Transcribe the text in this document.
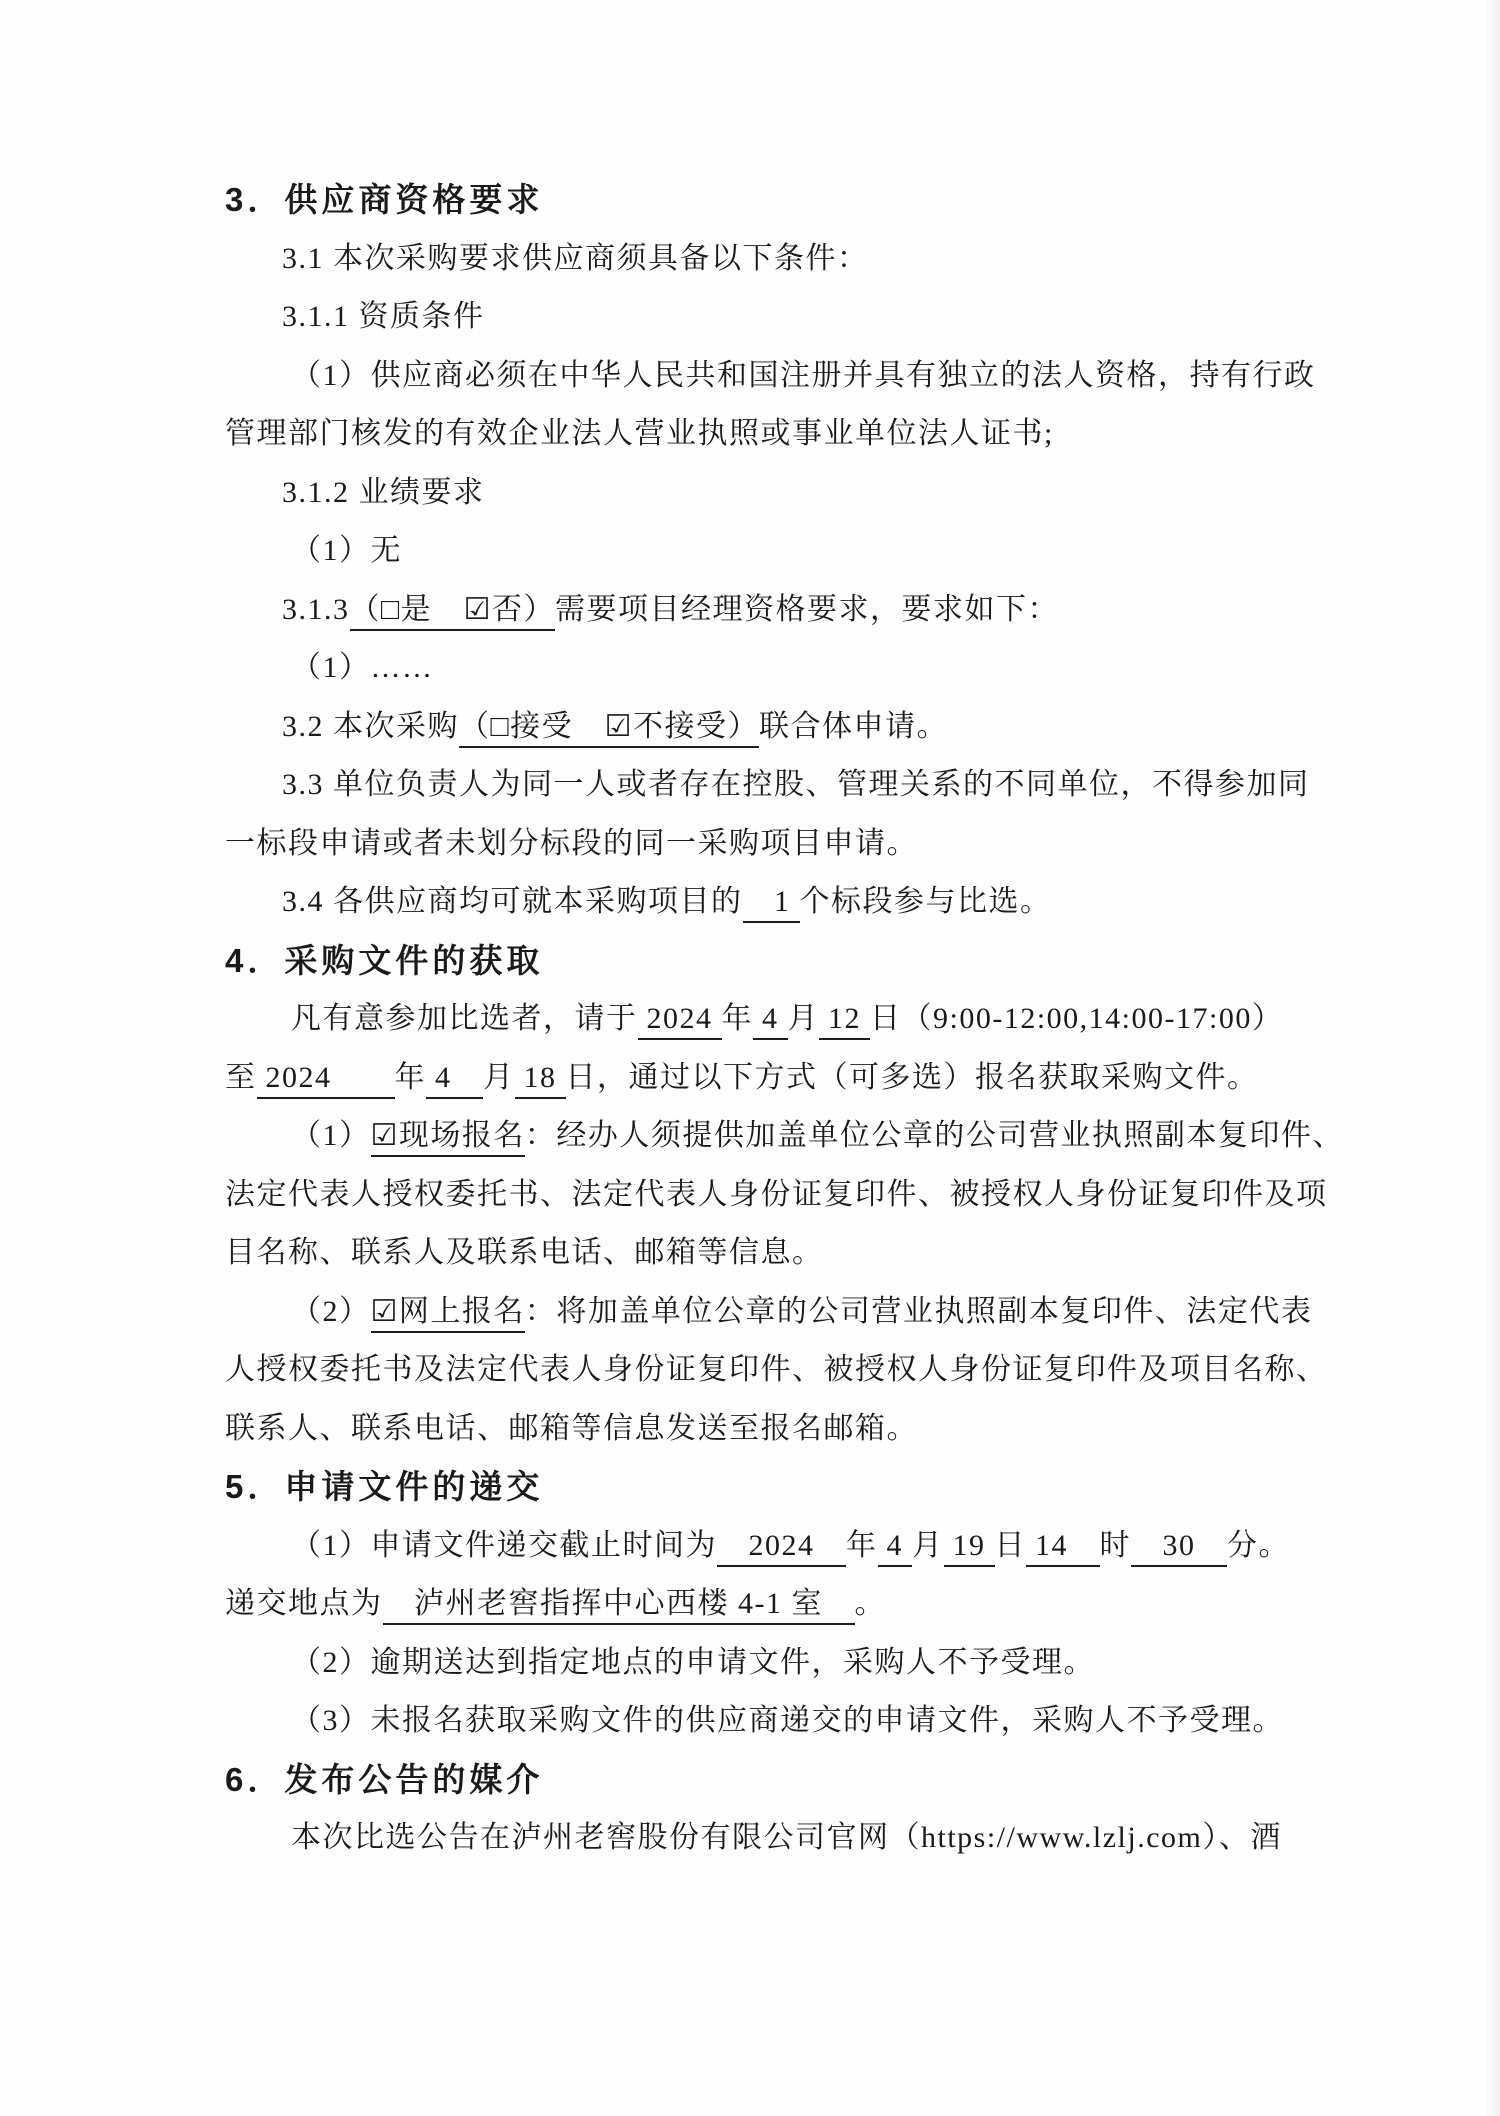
3．供应商资格要求
3.1 本次采购要求供应商须具备以下条件：
3.1.1 资质条件
（1）供应商必须在中华人民共和国注册并具有独立的法人资格，持有行政
管理部门核发的有效企业法人营业执照或事业单位法人证书;
3.1.2 业绩要求
（1）无
3.1.3（□是　☑否）需要项目经理资格要求，要求如下：
（1）……
3.2 本次采购（□接受　☑不接受）联合体申请。
3.3 单位负责人为同一人或者存在控股、管理关系的不同单位，不得参加同
一标段申请或者未划分标段的同一采购项目申请。
3.4 各供应商均可就本采购项目的　1 个标段参与比选。
4．采购文件的获取
凡有意参加比选者，请于 2024 年 4 月 12 日（9:00-12:00,14:00-17:00）
至 2024　　年 4　月 18 日，通过以下方式（可多选）报名获取采购文件。
（1）☑现场报名：经办人须提供加盖单位公章的公司营业执照副本复印件、
法定代表人授权委托书、法定代表人身份证复印件、被授权人身份证复印件及项
目名称、联系人及联系电话、邮箱等信息。
（2）☑网上报名：将加盖单位公章的公司营业执照副本复印件、法定代表
人授权委托书及法定代表人身份证复印件、被授权人身份证复印件及项目名称、
联系人、联系电话、邮箱等信息发送至报名邮箱。
5．申请文件的递交
（1）申请文件递交截止时间为　2024　年 4 月 19 日 14　时　30　分。
递交地点为　泸州老窖指挥中心西楼 4-1 室　。
（2）逾期送达到指定地点的申请文件，采购人不予受理。
（3）未报名获取采购文件的供应商递交的申请文件，采购人不予受理。
6．发布公告的媒介
本次比选公告在泸州老窖股份有限公司官网（https://www.lzlj.com）、酒
